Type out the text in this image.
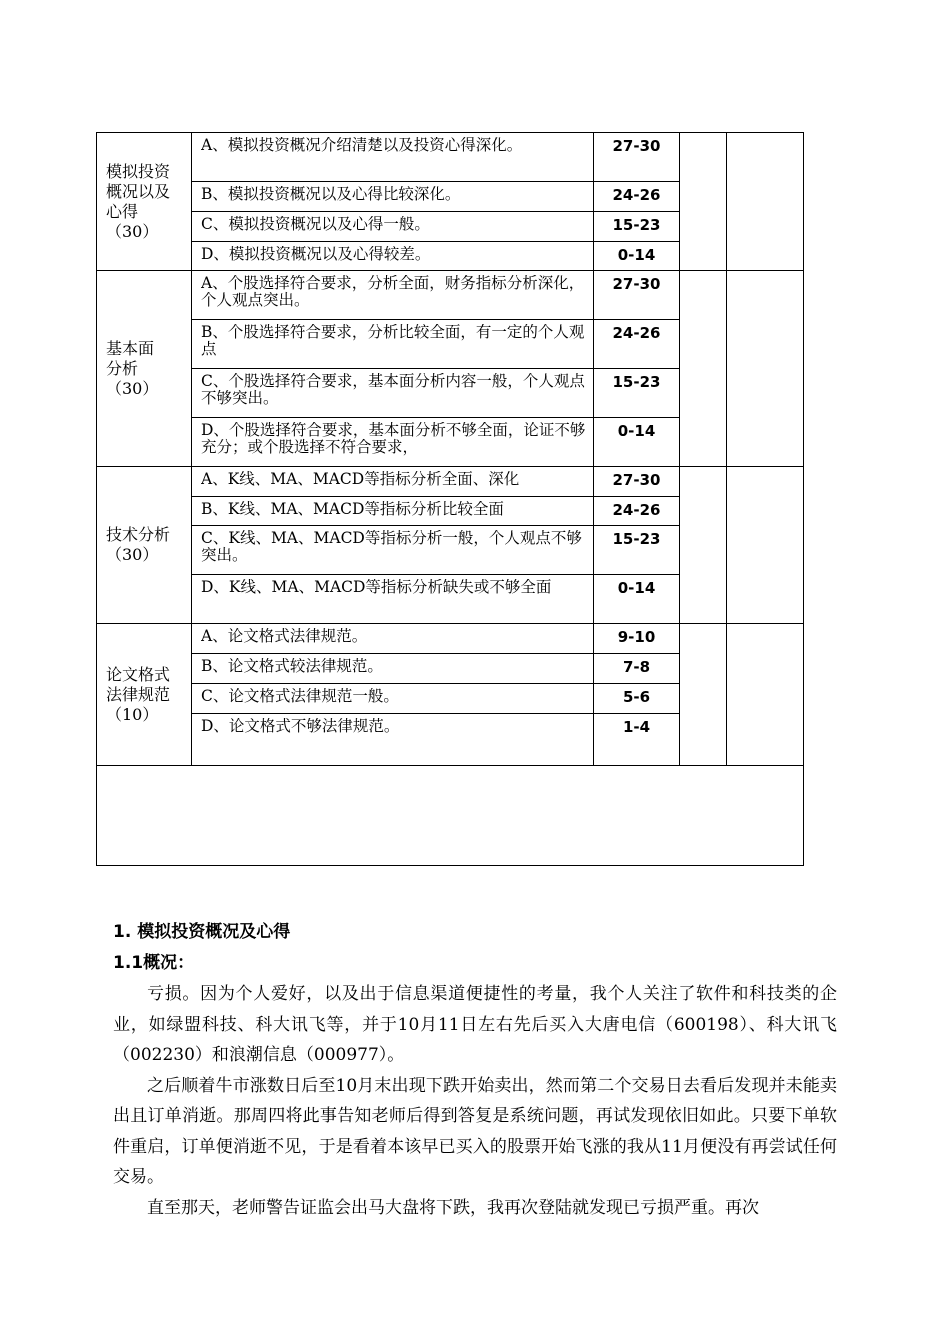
模拟投资
概况以及
心得
（30）	A、模拟投资概况介绍清楚以及投资心得深化。	27-30		

	B、模拟投资概况以及心得比较深化。	24-26		

	C、模拟投资概况以及心得一般。	15-23		

	D、模拟投资概况以及心得较差。	0-14		

基本面
分析
（30）	A、个股选择符合要求，分析全面，财务指标分析深化，个人观点突出。	27-30		

	B、个股选择符合要求，分析比较全面，有一定的个人观点	24-26		

	C、个股选择符合要求，基本面分析内容一般，个人观点不够突出。	15-23		

	D、个股选择符合要求，基本面分析不够全面，论证不够充分；或个股选择不符合要求，	0-14		

技术分析
（30）	A、K线、MA、MACD等指标分析全面、深化	27-30		

	B、K线、MA、MACD等指标分析比较全面	24-26		

	C、K线、MA、MACD等指标分析一般，个人观点不够突出。	15-23		

	D、K线、MA、MACD等指标分析缺失或不够全面	0-14		

论文格式
法律规范
（10）	A、论文格式法律规范。	9-10		

	B、论文格式较法律规范。	7-8		

	C、论文格式法律规范一般。	5-6		

	D、论文格式不够法律规范。	1-4		

1. 模拟投资概况及心得
1.1概况：

亏损。因为个人爱好，以及出于信息渠道便捷性的考量，我个人关注了软件和科技类的企业，如绿盟科技、科大讯飞等，并于10月11日左右先后买入大唐电信（600198）、科大讯飞（002230）和浪潮信息（000977）。

之后顺着牛市涨数日后至10月末出现下跌开始卖出，然而第二个交易日去看后发现并未能卖出且订单消逝。那周四将此事告知老师后得到答复是系统问题，再试发现依旧如此。只要下单软件重启，订单便消逝不见，于是看着本该早已买入的股票开始飞涨的我从11月便没有再尝试任何交易。

直至那天，老师警告证监会出马大盘将下跌，我再次登陆就发现已亏损严重。再次
